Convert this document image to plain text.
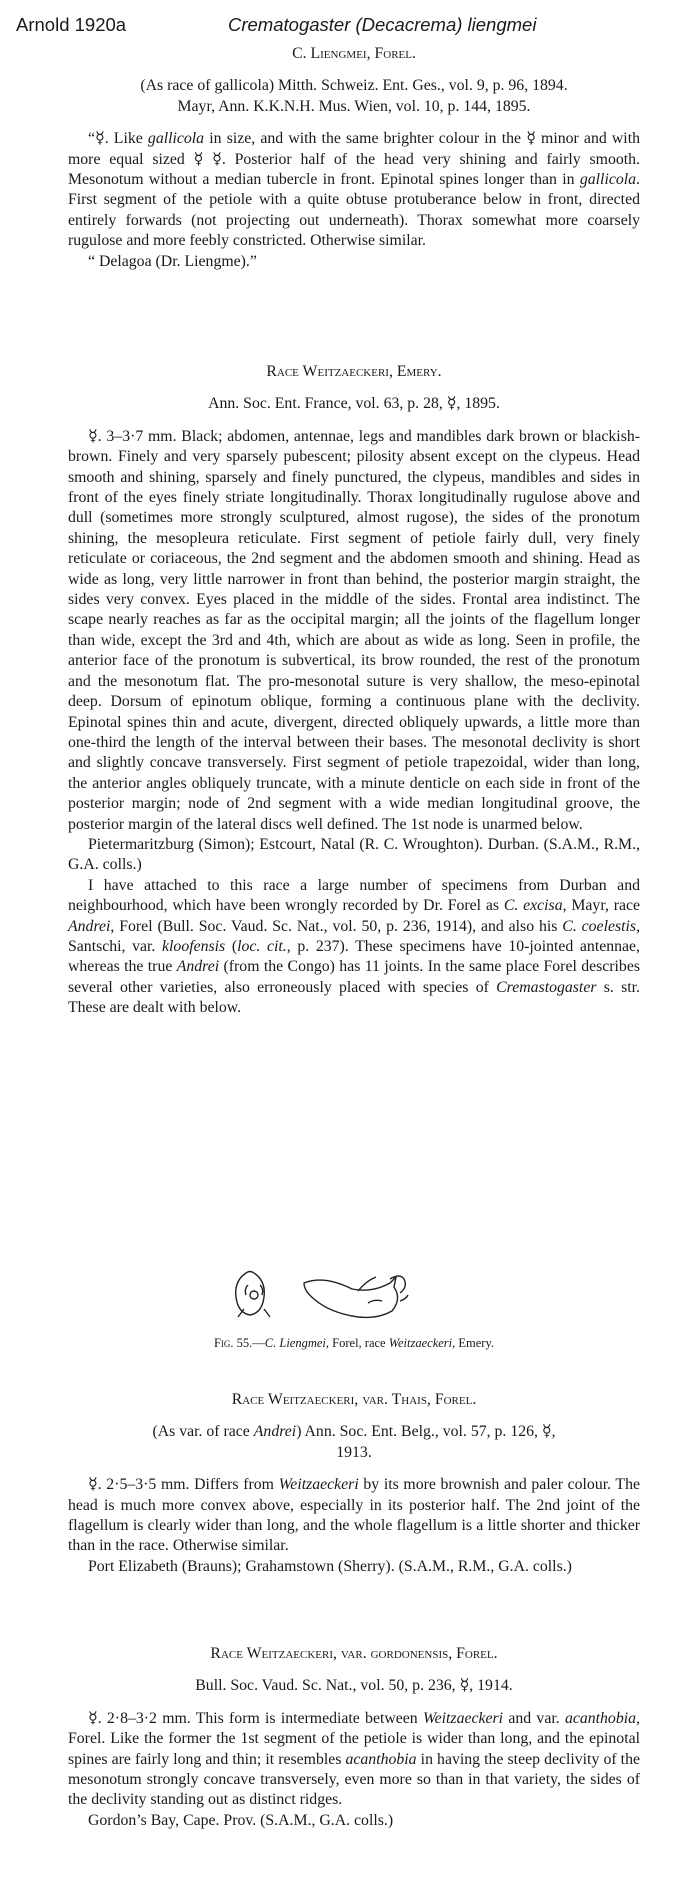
Arnold 1920a	Crematogaster (Decacrema) liengmei

C. Liengmei, Forel.

(As race of gallicola) Mitth. Schweiz. Ent. Ges., vol. 9, p. 96, 1894.

Mayr, Ann. K.K.N.H. Mus. Wien, vol. 10, p. 144, 1895.

“☿. Like gallicola in size, and with the same brighter colour in the ☿ minor and with more equal sized ☿ ☿. Posterior half of the head very shining and fairly smooth. Mesonotum without a median tubercle in front. Epinotal spines longer than in gallicola. First segment of the petiole with a quite obtuse protuberance below in front, directed entirely forwards (not projecting out underneath). Thorax somewhat more coarsely rugulose and more feebly constricted. Otherwise similar.

“ Delagoa (Dr. Liengme).”

Race Weitzaeckeri, Emery.

Ann. Soc. Ent. France, vol. 63, p. 28, ☿, 1895.

☿. 3–3·7 mm. Black; abdomen, antennae, legs and mandibles dark brown or blackish-brown. Finely and very sparsely pubescent; pilosity absent except on the clypeus. Head smooth and shining, sparsely and finely punctured, the clypeus, mandibles and sides in front of the eyes finely striate longitudinally. Thorax longitudinally rugulose above and dull (sometimes more strongly sculptured, almost rugose), the sides of the pronotum shining, the mesopleura reticulate. First segment of petiole fairly dull, very finely reticulate or coriaceous, the 2nd segment and the abdomen smooth and shining. Head as wide as long, very little narrower in front than behind, the posterior margin straight, the sides very convex. Eyes placed in the middle of the sides. Frontal area indistinct. The scape nearly reaches as far as the occipital margin; all the joints of the flagellum longer than wide, except the 3rd and 4th, which are about as wide as long. Seen in profile, the anterior face of the pronotum is subvertical, its brow rounded, the rest of the pronotum and the mesonotum flat. The pro-mesonotal suture is very shallow, the meso-epinotal deep. Dorsum of epinotum oblique, forming a continuous plane with the declivity. Epinotal spines thin and acute, divergent, directed obliquely upwards, a little more than one-third the length of the interval between their bases. The mesonotal declivity is short and slightly concave transversely. First segment of petiole trapezoidal, wider than long, the anterior angles obliquely truncate, with a minute denticle on each side in front of the posterior margin; node of 2nd segment with a wide median longitudinal groove, the posterior margin of the lateral discs well defined. The 1st node is unarmed below.

Pietermaritzburg (Simon); Estcourt, Natal (R. C. Wroughton). Durban. (S.A.M., R.M., G.A. colls.)

I have attached to this race a large number of specimens from Durban and neighbourhood, which have been wrongly recorded by Dr. Forel as C. excisa, Mayr, race Andrei, Forel (Bull. Soc. Vaud. Sc. Nat., vol. 50, p. 236, 1914), and also his C. coelestis, Santschi, var. kloofensis (loc. cit., p. 237). These specimens have 10-jointed antennae, whereas the true Andrei (from the Congo) has 11 joints. In the same place Forel describes several other varieties, also erroneously placed with species of Cremastogaster s. str. These are dealt with below.

Fig. 55.—C. Liengmei, Forel, race Weitzaeckeri, Emery.

Race Weitzaeckeri, var. Thais, Forel.

(As var. of race Andrei) Ann. Soc. Ent. Belg., vol. 57, p. 126, ☿,
1913.

☿. 2·5–3·5 mm. Differs from Weitzaeckeri by its more brownish and paler colour. The head is much more convex above, especially in its posterior half. The 2nd joint of the flagellum is clearly wider than long, and the whole flagellum is a little shorter and thicker than in the race. Otherwise similar.

Port Elizabeth (Brauns); Grahamstown (Sherry). (S.A.M., R.M., G.A. colls.)

Race Weitzaeckeri, var. gordonensis, Forel.

Bull. Soc. Vaud. Sc. Nat., vol. 50, p. 236, ☿, 1914.

☿. 2·8–3·2 mm. This form is intermediate between Weitzaeckeri and var. acanthobia, Forel. Like the former the 1st segment of the petiole is wider than long, and the epinotal spines are fairly long and thin; it resembles acanthobia in having the steep declivity of the mesonotum strongly concave transversely, even more so than in that variety, the sides of the declivity standing out as distinct ridges.

Gordon’s Bay, Cape. Prov. (S.A.M., G.A. colls.)
